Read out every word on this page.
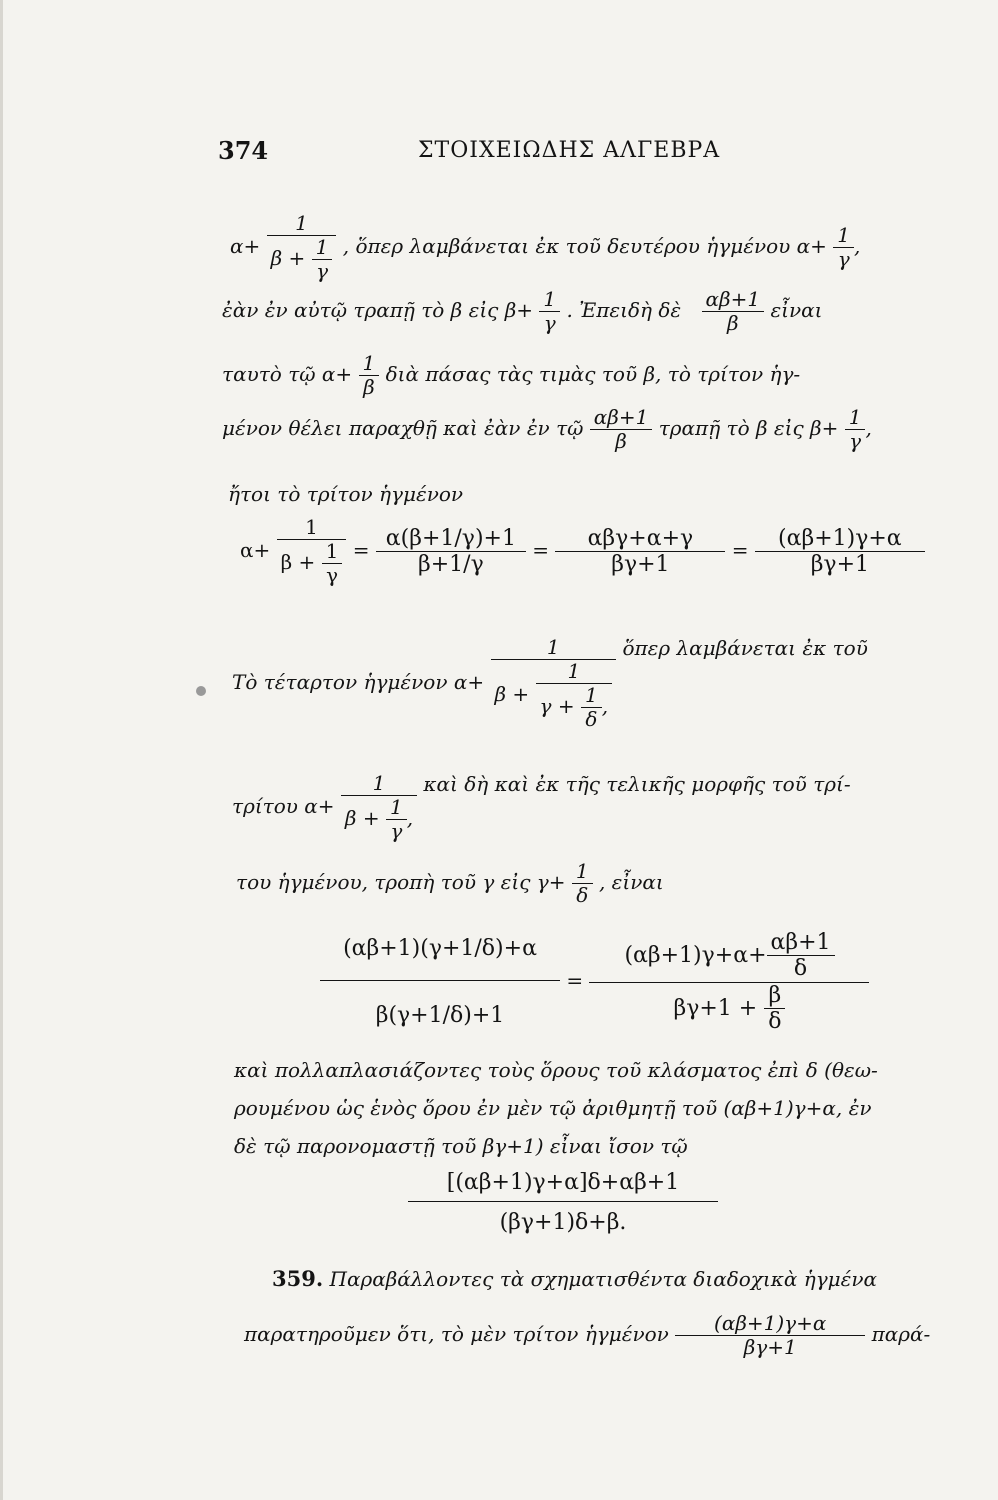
374	ΣΤΟΙΧΕΙΩΔΗΣ ΑΛΓΕΒΡΑ
$\alpha+ \frac{1}{\beta + \frac{1}{\gamma}}$ , ὅπερ λαμβάνεται ἐκ τοῦ δευτέρου ἡγμένου $\alpha+ \frac{1}{\gamma}$ ,
ἐὰν ἐν αὐτῷ τραπῇ τὸ β εἰς $\beta+ \frac{1}{\gamma}$ . Ἐπειδὴ δὲ $\frac{\alpha\beta+1}{\beta}$ εἶναι
ταυτὸ τῷ $\alpha+ \frac{1}{\beta}$ διὰ πάσας τὰς τιμὰς τοῦ β, τὸ τρίτον ἡγ-
μένον θέλει παραχθῇ καὶ ἐὰν ἐν τῷ $\frac{\alpha\beta+1}{\beta}$ τραπῇ τὸ β εἰς $\beta+ \frac{1}{\gamma}$ ,
ἤτοι τὸ τρίτον ἡγμένον
$\alpha+ \frac{1}{\beta + \frac{1}{\gamma}} = \frac{\alpha(\beta+1/\gamma)+1}{\beta+1/\gamma} = \frac{\text{αβγ+α+γ}}{\beta\gamma+1} = \frac{(\alpha\beta+1)\gamma+\alpha}{\beta\gamma+1}$
Τὸ τέταρτον ἡγμένον $\alpha+ \frac{1}{\beta + \frac{1}{\gamma + \frac{1}{\delta} ,}}$ ὅπερ λαμβάνεται ἐκ τοῦ
τρίτου $\alpha+ \frac{1}{\beta + \frac{1}{\gamma} ,}$ καὶ δὴ καὶ ἐκ τῆς τελικῆς μορφῆς τοῦ τρί-
του ἡγμένου, τροπὴ τοῦ γ εἰς $\gamma+ \frac{1}{\delta}$ , εἶναι
$\frac{(\alpha\beta+1)(\gamma+1/\delta)+\alpha}{\beta(\gamma+1/\delta)+1} = \frac{(\alpha\beta+1)\gamma+\alpha+ \frac{\alpha\beta+1}{\delta}}{\beta\gamma+1 + \frac{\beta}{\delta}}$
καὶ πολλαπλασιάζοντες τοὺς ὅρους τοῦ κλάσματος ἐπὶ δ (θεω-
ρουμένου ὡς ἑνὸς ὅρου ἐν μὲν τῷ ἀριθμητῇ τοῦ (αβ+1)γ+α, ἐν
δὲ τῷ παρονομαστῇ τοῦ βγ+1) εἶναι ἴσον τῷ
$\frac{[(\alpha\beta+1)\gamma+\alpha]\delta+\alpha\beta+1}{(\beta\gamma+1)\delta+\beta.}$
359. Παραβάλλοντες τὰ σχηματισθέντα διαδοχικὰ ἡγμένα
παρατηροῦμεν ὅτι, τὸ μὲν τρίτον ἡγμένον $\frac{(\alpha\beta+1)\gamma+\alpha}{\beta\gamma+1} \pi\alpha\rho ά-$
